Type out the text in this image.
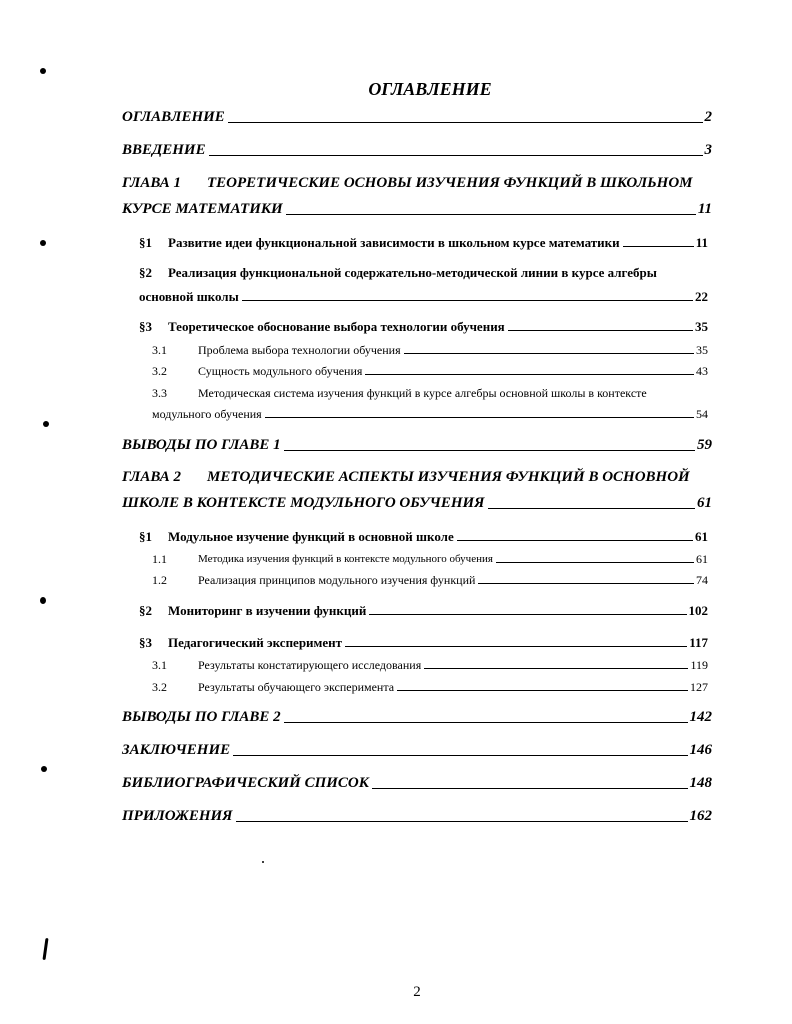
ОГЛАВЛЕНИЕ
ОГЛАВЛЕНИЕ	2
ВВЕДЕНИЕ	3
ГЛАВА 1 ТЕОРЕТИЧЕСКИЕ ОСНОВЫ ИЗУЧЕНИЯ ФУНКЦИЙ В ШКОЛЬНОМ
КУРСЕ МАТЕМАТИКИ	11
§1	Развитие идеи функциональной зависимости в школьном курсе математики	11
§2 Реализация функциональной содержательно-методической линии в курсе алгебры
основной школы	22
§3	Теоретическое обоснование выбора технологии обучения	35
3.1	Проблема выбора технологии обучения	35
3.2	Сущность модульного обучения	43
3.3	Методическая система изучения функций в курсе алгебры основной школы в контексте
модульного обучения	54
ВЫВОДЫ ПО ГЛАВЕ 1	59
ГЛАВА 2 МЕТОДИЧЕСКИЕ АСПЕКТЫ ИЗУЧЕНИЯ ФУНКЦИЙ В ОСНОВНОЙ
ШКОЛЕ В КОНТЕКСТЕ МОДУЛЬНОГО ОБУЧЕНИЯ	61
§1	Модульное изучение функций в основной школе	61
1.1	Методика изучения функций в контексте модульного обучения	61
1.2	Реализация принципов модульного изучения функций	74
§2	Мониторинг в изучении функций	102
§3	Педагогический эксперимент	117
3.1	Результаты констатирующего исследования	119
3.2	Результаты обучающего эксперимента	127
ВЫВОДЫ ПО ГЛАВЕ 2	142
ЗАКЛЮЧЕНИЕ	146
БИБЛИОГРАФИЧЕСКИЙ СПИСОК	148
ПРИЛОЖЕНИЯ	162
2
